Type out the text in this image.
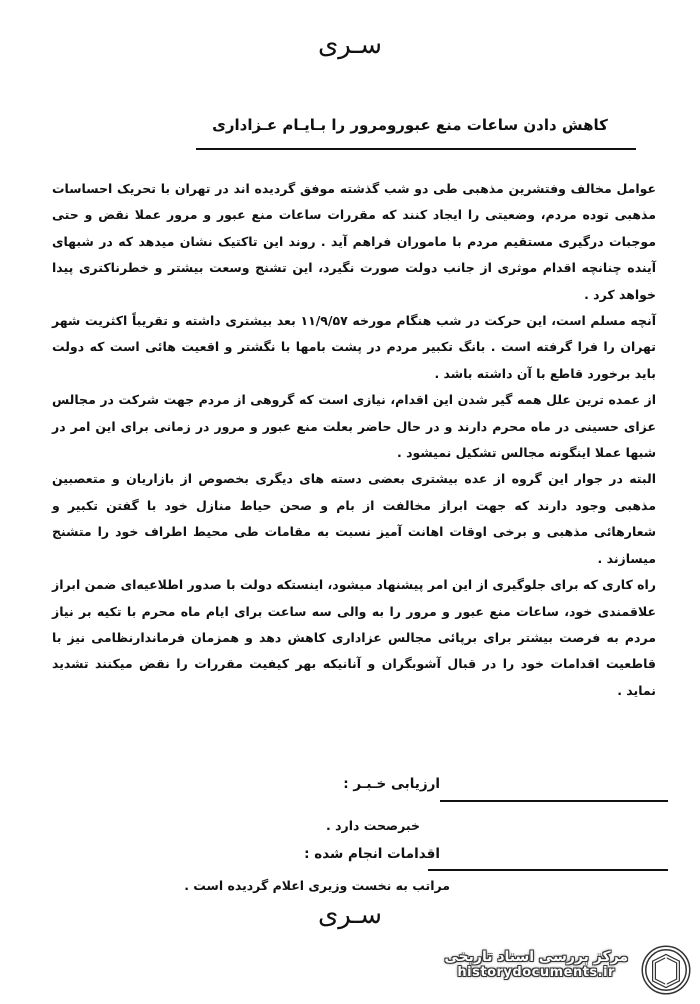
سـری
کاهش دادن ساعات منع عبورومرور را بـایـام عـزاداری

عوامل مخالف وفتشرین مذهبی طی دو شب گذشته موفق گردیده اند در تهران با تحریک احساسات مذهبی توده مردم، وضعیتی را ایجاد کنند که مقررات ساعات منع عبور و مرور عملا نقض و حتی موجبات درگیری مستقیم مردم با ماموران فراهم آید . روند این تاکتیک نشان میدهد که در شبهای آینده چنانچه اقدام موثری از جانب دولت صورت نگیرد، این تشنج وسعت بیشتر و خطرناکتری پیدا خواهد کرد .

آنچه مسلم است، این حرکت در شب هنگام مورخه ۱۱/۹/۵۷ بعد بیشتری داشته و تقریباً اکثریت شهر تهران را فرا گرفته است . بانگ تکبیر مردم در پشت بامها با نگشتر و اقعیت هائی است که دولت باید برخورد قاطع با آن داشته باشد .

از عمده ترین علل همه گیر شدن این اقدام، نیازی است که گروهی از مردم جهت شرکت در مجالس عزای حسینی در ماه محرم دارند و در حال حاضر بعلت منع عبور و مرور در زمانی برای این امر در شبها عملا اینگونه مجالس تشکیل نمیشود .

البته در جوار این گروه از عده بیشتری بعضی دسته های دیگری بخصوص از بازاریان و متعصبین مذهبی وجود دارند که جهت ابراز مخالفت از بام و صحن حیاط منازل خود با گفتن تکبیر و شعارهائی مذهبی و برخی اوقات اهانت آمیز نسبت به مقامات طی محیط اطراف خود را متشنج میسازند .

راه کاری که برای جلوگیری از این امر پیشنهاد میشود، اینستکه دولت با صدور اطلاعیه‌ای ضمن ابراز علاقمندی خود، ساعات منع عبور و مرور را به والی سه ساعت برای ایام ماه محرم با تکیه بر نیاز مردم به فرصت بیشتر برای برپائی مجالس عزاداری کاهش دهد و همزمان فرماندارنظامی نیز با قاطعیت اقدامات خود را در قبال آشوبگران و آنانیکه بهر کیفیت مقررات را نقض میکنند تشدید نماید .

ارزیابی خـبـر :
خبرصحت دارد .
اقدامات انجام شده :
مراتب به نخست وزیری اعلام گردیده است .
سـری
مرکز بررسی اسناد تاریخی
historydocuments.ir
